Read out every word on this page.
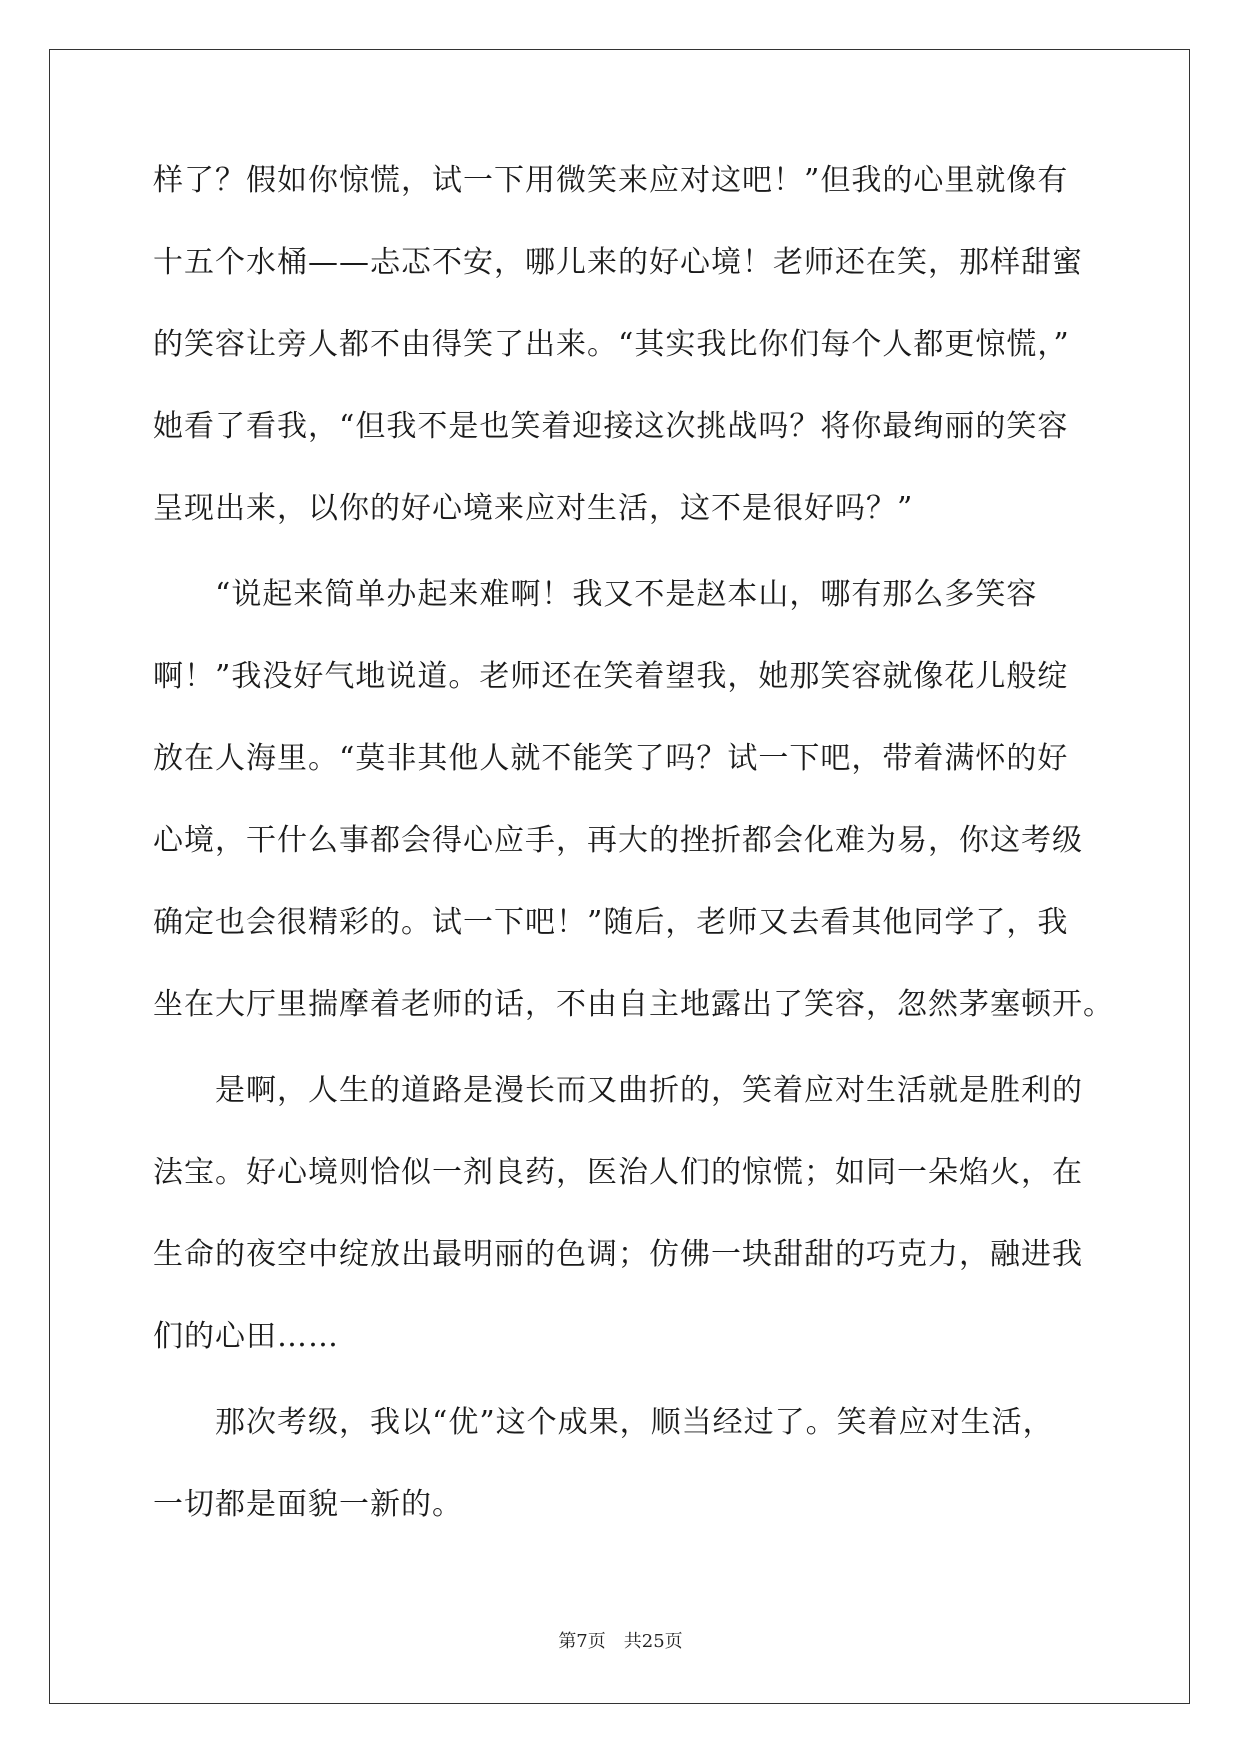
样了？假如你惊慌，试一下用微笑来应对这吧！”但我的心里就像有
十五个水桶——忐忑不安，哪儿来的好心境！老师还在笑，那样甜蜜
的笑容让旁人都不由得笑了出来。“其实我比你们每个人都更惊慌，”
她看了看我，“但我不是也笑着迎接这次挑战吗？将你最绚丽的笑容
呈现出来，以你的好心境来应对生活，这不是很好吗？”
　　“说起来简单办起来难啊！我又不是赵本山，哪有那么多笑容
啊！”我没好气地说道。老师还在笑着望我，她那笑容就像花儿般绽
放在人海里。“莫非其他人就不能笑了吗？试一下吧，带着满怀的好
心境，干什么事都会得心应手，再大的挫折都会化难为易，你这考级
确定也会很精彩的。试一下吧！”随后，老师又去看其他同学了，我
坐在大厅里揣摩着老师的话，不由自主地露出了笑容，忽然茅塞顿开。
　　是啊，人生的道路是漫长而又曲折的，笑着应对生活就是胜利的
法宝。好心境则恰似一剂良药，医治人们的惊慌；如同一朵焰火，在
生命的夜空中绽放出最明丽的色调；仿佛一块甜甜的巧克力，融进我
们的心田……
　　那次考级，我以“优”这个成果，顺当经过了。笑着应对生活，
一切都是面貌一新的。
第7页　共25页
